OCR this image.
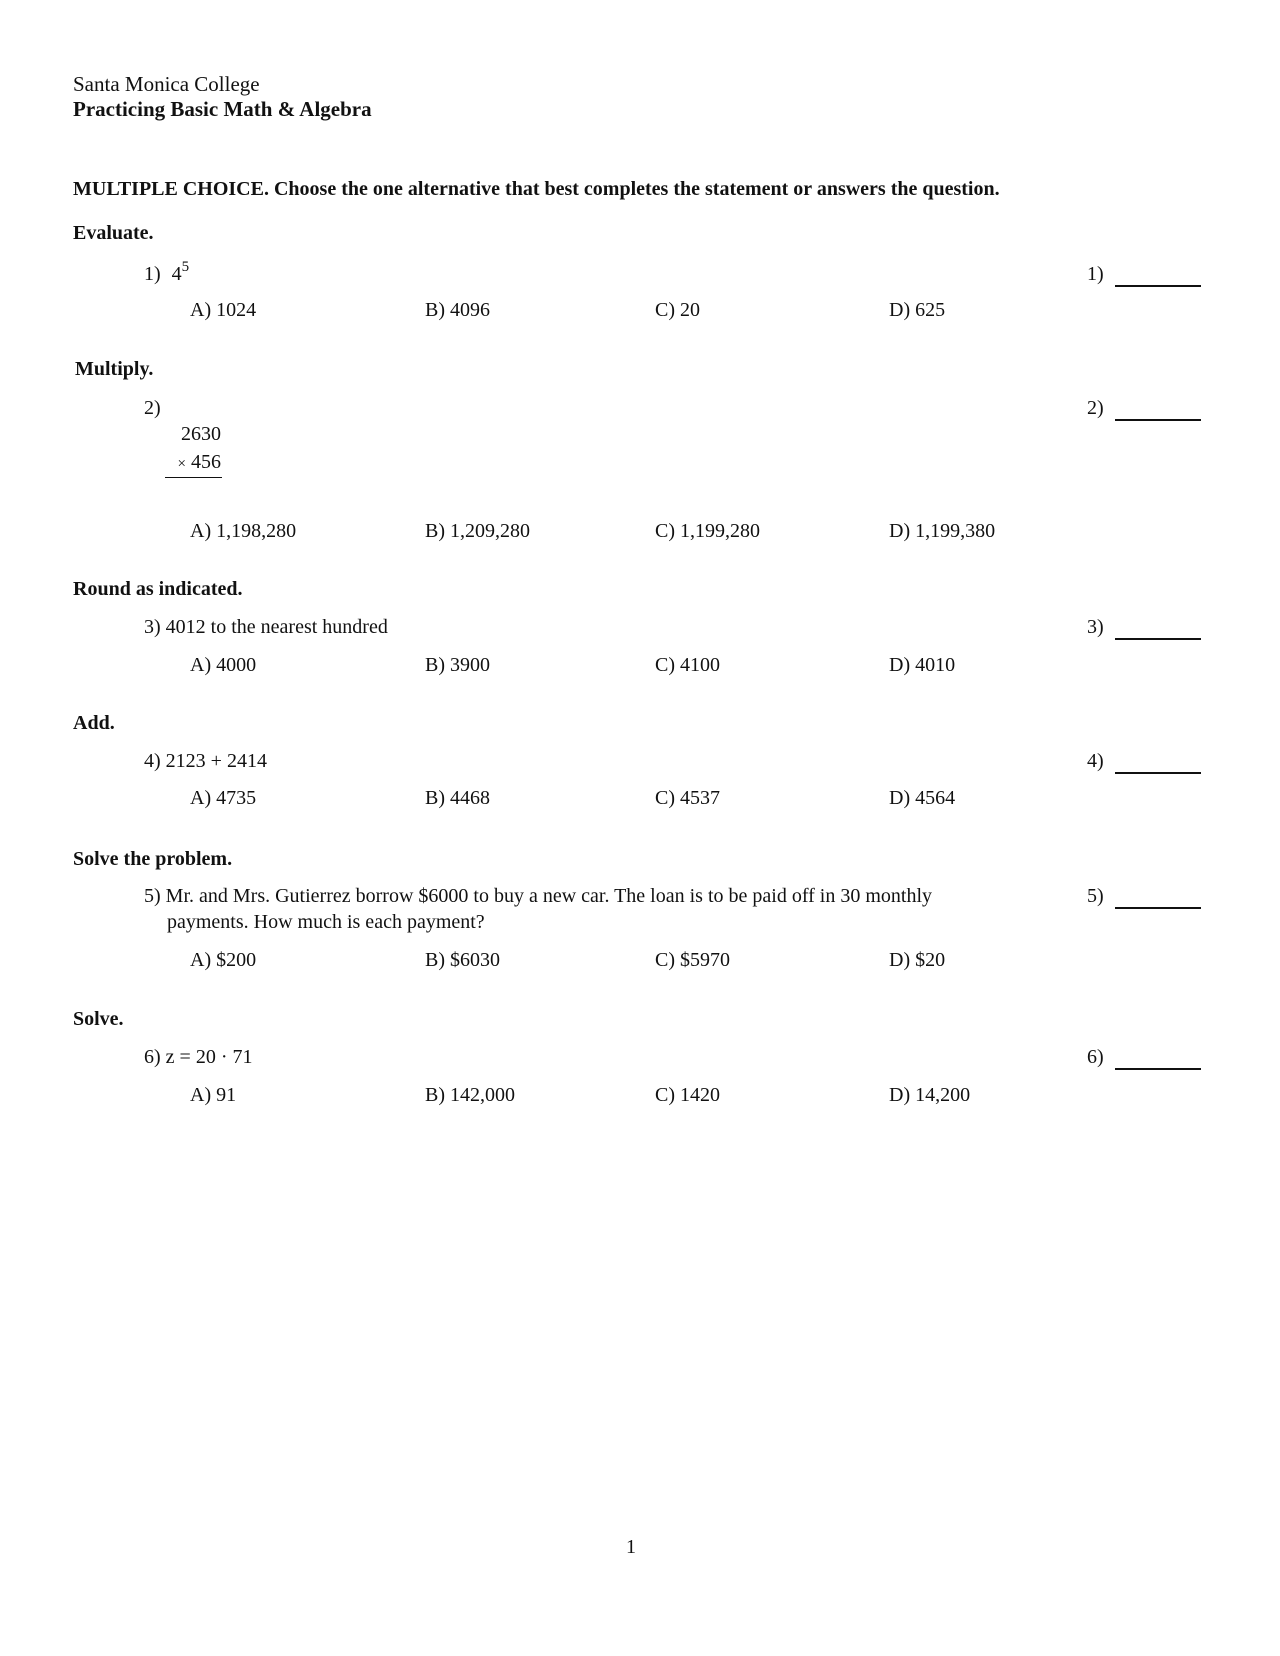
Santa Monica College
Practicing Basic Math & Algebra
MULTIPLE CHOICE. Choose the one alternative that best completes the statement or answers the question.
Evaluate.
1) $4^5$
A) 1024	B) 4096	C) 20	D) 625
1)
Multiply.
2)
2630
× 456
A) 1,198,280	B) 1,209,280	C) 1,199,280	D) 1,199,380
2)
Round as indicated.
3) 4012 to the nearest hundred
A) 4000	B) 3900	C) 4100	D) 4010
3)
Add.
4) 2123 + 2414
A) 4735	B) 4468	C) 4537	D) 4564
4)
Solve the problem.
5) Mr. and Mrs. Gutierrez borrow $6000 to buy a new car. The loan is to be paid off in 30 monthly
payments. How much is each payment?
A) $200	B) $6030	C) $5970	D) $20
5)
Solve.
6) z = 20 · 71
A) 91	B) 142,000	C) 1420	D) 14,200
6)
1
